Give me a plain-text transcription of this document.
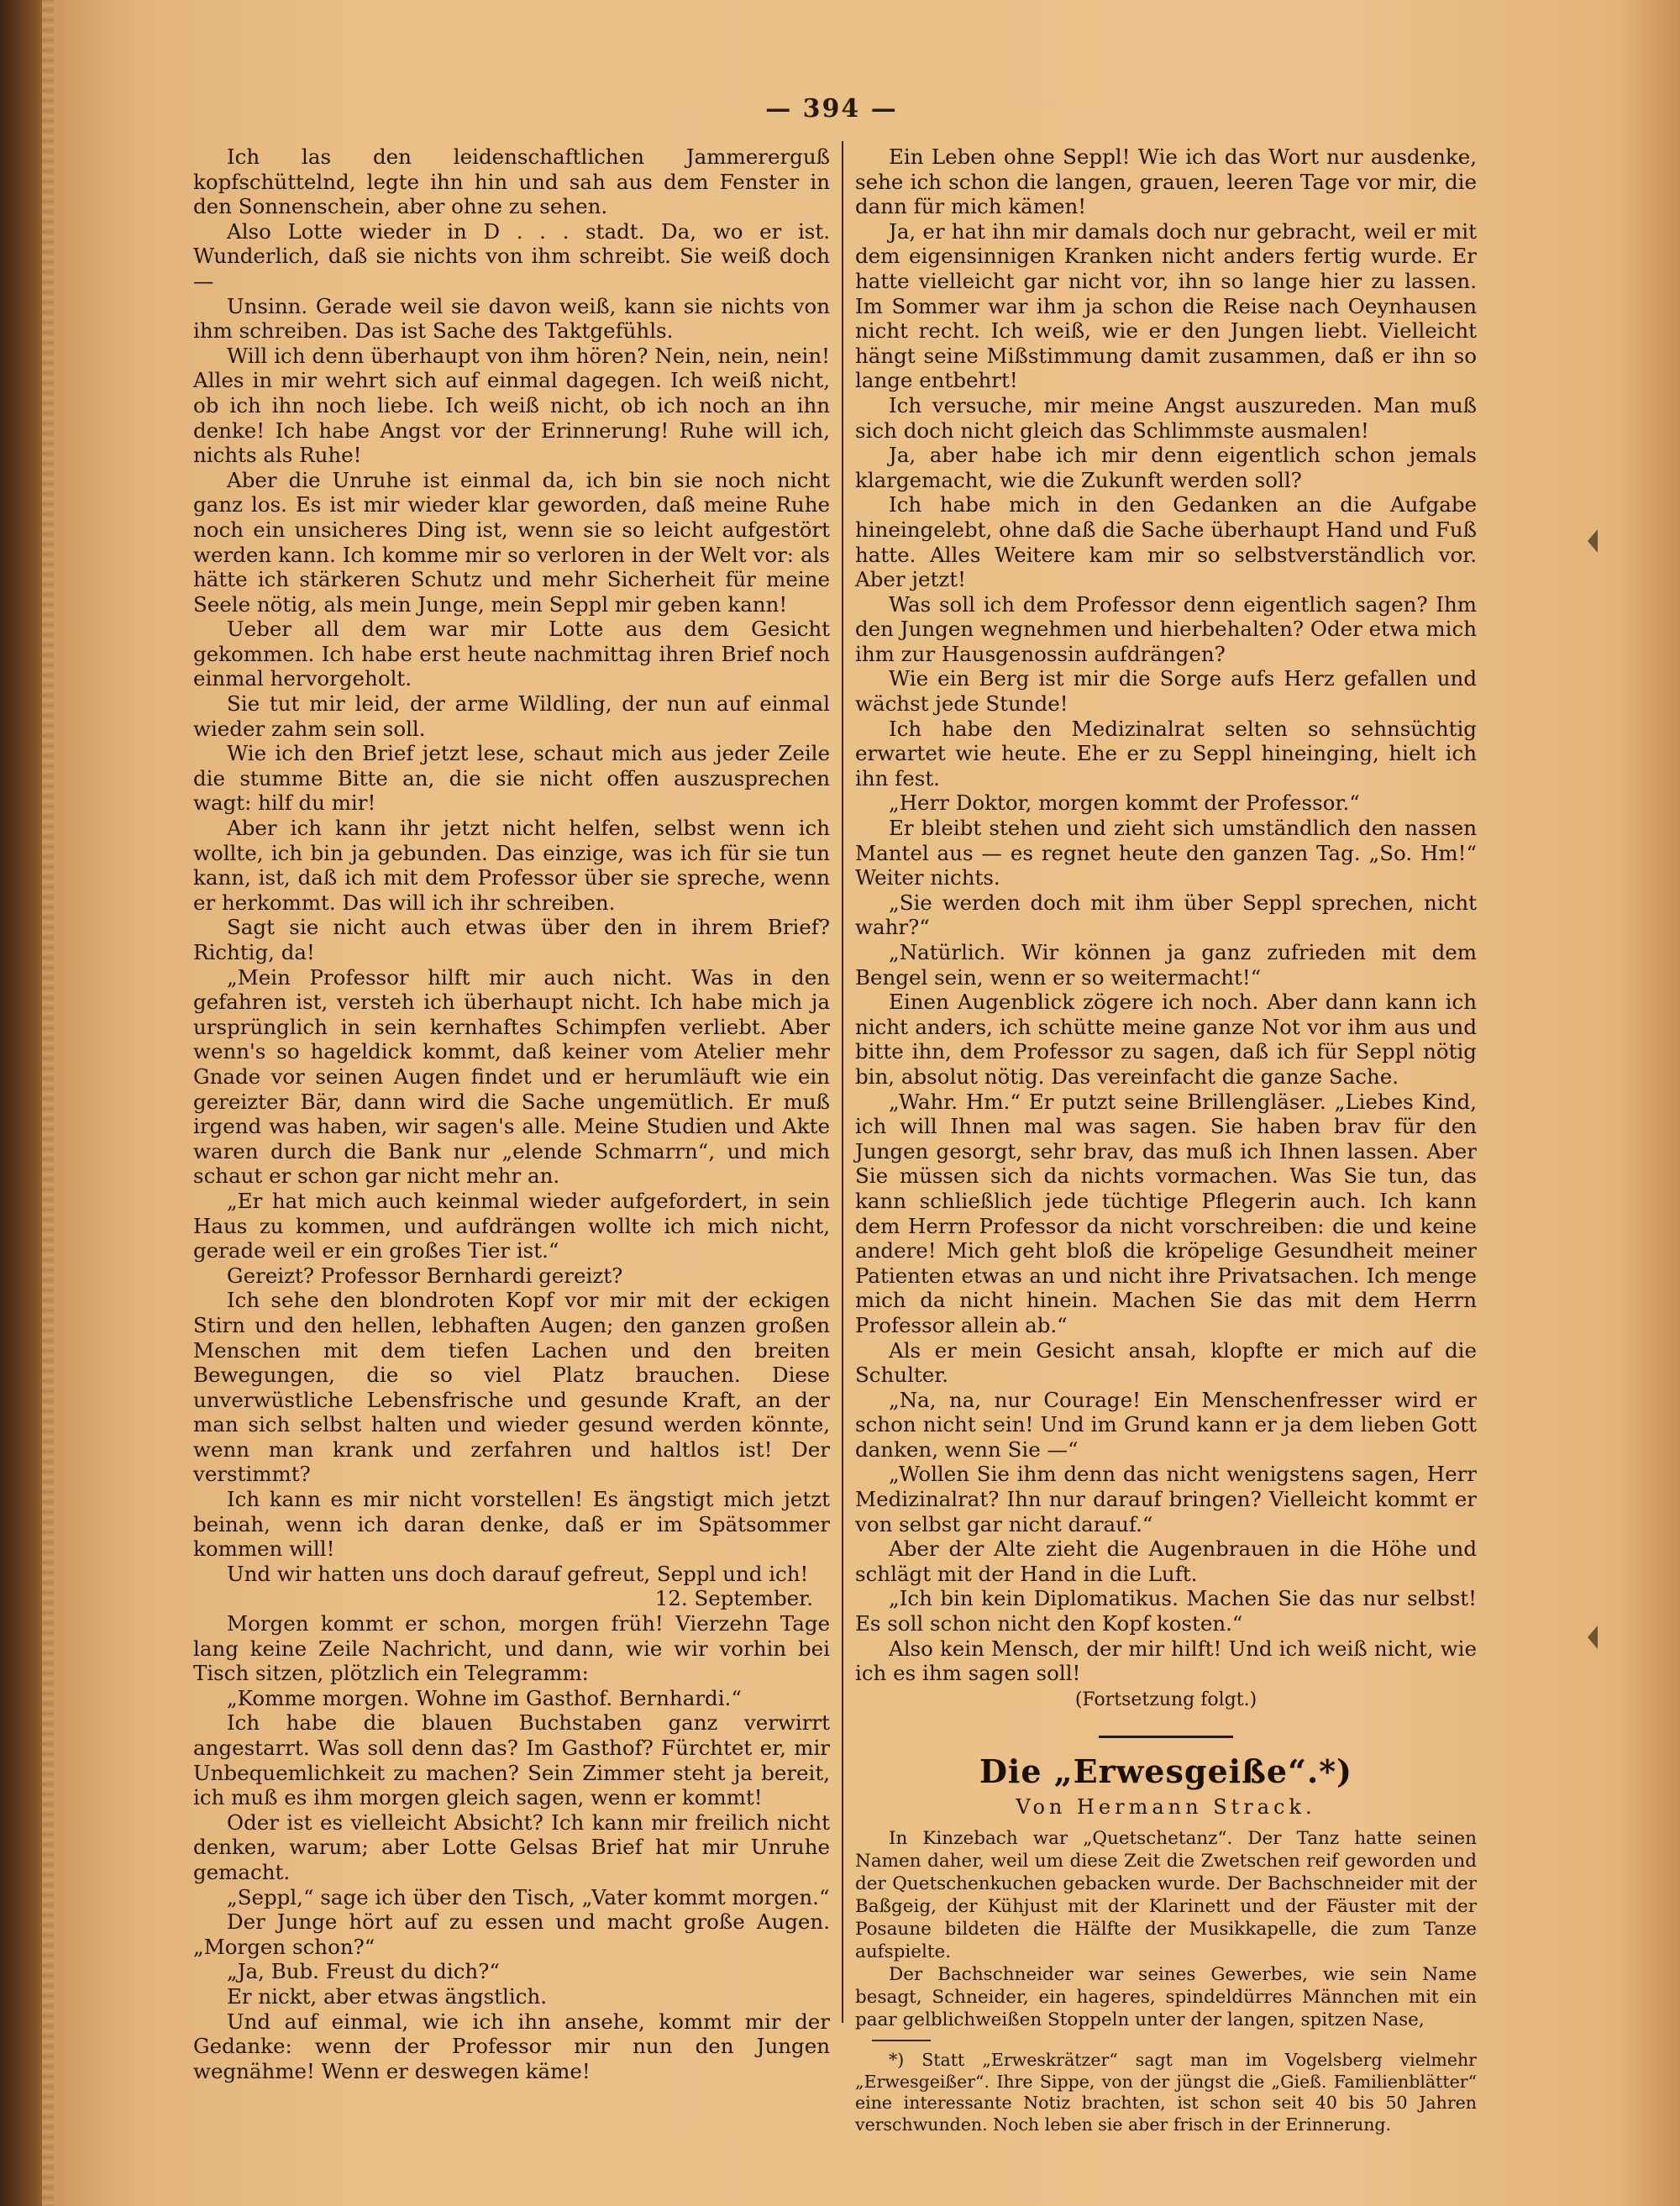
— 394 —

Ich las den leidenschaftlichen Jammererguß kopfschüttelnd, legte ihn hin und sah aus dem Fenster in den Sonnenschein, aber ohne zu sehen.

Also Lotte wieder in D . . . stadt. Da, wo er ist. Wunderlich, daß sie nichts von ihm schreibt. Sie weiß doch —

Unsinn. Gerade weil sie davon weiß, kann sie nichts von ihm schreiben. Das ist Sache des Taktgefühls.

Will ich denn überhaupt von ihm hören? Nein, nein, nein! Alles in mir wehrt sich auf einmal dagegen. Ich weiß nicht, ob ich ihn noch liebe. Ich weiß nicht, ob ich noch an ihn denke! Ich habe Angst vor der Erinnerung! Ruhe will ich, nichts als Ruhe!

Aber die Unruhe ist einmal da, ich bin sie noch nicht ganz los. Es ist mir wieder klar geworden, daß meine Ruhe noch ein unsicheres Ding ist, wenn sie so leicht aufgestört werden kann. Ich komme mir so verloren in der Welt vor: als hätte ich stärkeren Schutz und mehr Sicherheit für meine Seele nötig, als mein Junge, mein Seppl mir geben kann!

Ueber all dem war mir Lotte aus dem Gesicht gekommen. Ich habe erst heute nachmittag ihren Brief noch einmal hervorgeholt.

Sie tut mir leid, der arme Wildling, der nun auf einmal wieder zahm sein soll.

Wie ich den Brief jetzt lese, schaut mich aus jeder Zeile die stumme Bitte an, die sie nicht offen auszusprechen wagt: hilf du mir!

Aber ich kann ihr jetzt nicht helfen, selbst wenn ich wollte, ich bin ja gebunden. Das einzige, was ich für sie tun kann, ist, daß ich mit dem Professor über sie spreche, wenn er herkommt. Das will ich ihr schreiben.

Sagt sie nicht auch etwas über den in ihrem Brief? Richtig, da!

„Mein Professor hilft mir auch nicht. Was in den gefahren ist, versteh ich überhaupt nicht. Ich habe mich ja ursprünglich in sein kernhaftes Schimpfen verliebt. Aber wenn's so hageldick kommt, daß keiner vom Atelier mehr Gnade vor seinen Augen findet und er herumläuft wie ein gereizter Bär, dann wird die Sache ungemütlich. Er muß irgend was haben, wir sagen's alle. Meine Studien und Akte waren durch die Bank nur „elende Schmarrn“, und mich schaut er schon gar nicht mehr an.

„Er hat mich auch keinmal wieder aufgefordert, in sein Haus zu kommen, und aufdrängen wollte ich mich nicht, gerade weil er ein großes Tier ist.“

Gereizt? Professor Bernhardi gereizt?

Ich sehe den blondroten Kopf vor mir mit der eckigen Stirn und den hellen, lebhaften Augen; den ganzen großen Menschen mit dem tiefen Lachen und den breiten Bewegungen, die so viel Platz brauchen. Diese unverwüstliche Lebensfrische und gesunde Kraft, an der man sich selbst halten und wieder gesund werden könnte, wenn man krank und zerfahren und haltlos ist! Der verstimmt?

Ich kann es mir nicht vorstellen! Es ängstigt mich jetzt beinah, wenn ich daran denke, daß er im Spätsommer kommen will!

Und wir hatten uns doch darauf gefreut, Seppl und ich!

12. September.

Morgen kommt er schon, morgen früh! Vierzehn Tage lang keine Zeile Nachricht, und dann, wie wir vorhin bei Tisch sitzen, plötzlich ein Telegramm:

„Komme morgen. Wohne im Gasthof. Bernhardi.“

Ich habe die blauen Buchstaben ganz verwirrt angestarrt. Was soll denn das? Im Gasthof? Fürchtet er, mir Unbequemlichkeit zu machen? Sein Zimmer steht ja bereit, ich muß es ihm morgen gleich sagen, wenn er kommt!

Oder ist es vielleicht Absicht? Ich kann mir freilich nicht denken, warum; aber Lotte Gelsas Brief hat mir Unruhe gemacht.

„Seppl,“ sage ich über den Tisch, „Vater kommt morgen.“

Der Junge hört auf zu essen und macht große Augen. „Morgen schon?“

„Ja, Bub. Freust du dich?“

Er nickt, aber etwas ängstlich.

Und auf einmal, wie ich ihn ansehe, kommt mir der Gedanke: wenn der Professor mir nun den Jungen wegnähme! Wenn er deswegen käme!

Ein Leben ohne Seppl! Wie ich das Wort nur ausdenke, sehe ich schon die langen, grauen, leeren Tage vor mir, die dann für mich kämen!

Ja, er hat ihn mir damals doch nur gebracht, weil er mit dem eigensinnigen Kranken nicht anders fertig wurde. Er hatte vielleicht gar nicht vor, ihn so lange hier zu lassen. Im Sommer war ihm ja schon die Reise nach Oeynhausen nicht recht. Ich weiß, wie er den Jungen liebt. Vielleicht hängt seine Mißstimmung damit zusammen, daß er ihn so lange entbehrt!

Ich versuche, mir meine Angst auszureden. Man muß sich doch nicht gleich das Schlimmste ausmalen!

Ja, aber habe ich mir denn eigentlich schon jemals klargemacht, wie die Zukunft werden soll?

Ich habe mich in den Gedanken an die Aufgabe hineingelebt, ohne daß die Sache überhaupt Hand und Fuß hatte. Alles Weitere kam mir so selbstverständlich vor. Aber jetzt!

Was soll ich dem Professor denn eigentlich sagen? Ihm den Jungen wegnehmen und hierbehalten? Oder etwa mich ihm zur Hausgenossin aufdrängen?

Wie ein Berg ist mir die Sorge aufs Herz gefallen und wächst jede Stunde!

Ich habe den Medizinalrat selten so sehnsüchtig erwartet wie heute. Ehe er zu Seppl hineinging, hielt ich ihn fest.

„Herr Doktor, morgen kommt der Professor.“

Er bleibt stehen und zieht sich umständlich den nassen Mantel aus — es regnet heute den ganzen Tag. „So. Hm!“ Weiter nichts.

„Sie werden doch mit ihm über Seppl sprechen, nicht wahr?“

„Natürlich. Wir können ja ganz zufrieden mit dem Bengel sein, wenn er so weitermacht!“

Einen Augenblick zögere ich noch. Aber dann kann ich nicht anders, ich schütte meine ganze Not vor ihm aus und bitte ihn, dem Professor zu sagen, daß ich für Seppl nötig bin, absolut nötig. Das vereinfacht die ganze Sache.

„Wahr. Hm.“ Er putzt seine Brillengläser. „Liebes Kind, ich will Ihnen mal was sagen. Sie haben brav für den Jungen gesorgt, sehr brav, das muß ich Ihnen lassen. Aber Sie müssen sich da nichts vormachen. Was Sie tun, das kann schließlich jede tüchtige Pflegerin auch. Ich kann dem Herrn Professor da nicht vorschreiben: die und keine andere! Mich geht bloß die kröpelige Gesundheit meiner Patienten etwas an und nicht ihre Privatsachen. Ich menge mich da nicht hinein. Machen Sie das mit dem Herrn Professor allein ab.“

Als er mein Gesicht ansah, klopfte er mich auf die Schulter.

„Na, na, nur Courage! Ein Menschenfresser wird er schon nicht sein! Und im Grund kann er ja dem lieben Gott danken, wenn Sie —“

„Wollen Sie ihm denn das nicht wenigstens sagen, Herr Medizinalrat? Ihn nur darauf bringen? Vielleicht kommt er von selbst gar nicht darauf.“

Aber der Alte zieht die Augenbrauen in die Höhe und schlägt mit der Hand in die Luft.

„Ich bin kein Diplomatikus. Machen Sie das nur selbst! Es soll schon nicht den Kopf kosten.“

Also kein Mensch, der mir hilft! Und ich weiß nicht, wie ich es ihm sagen soll!

(Fortsetzung folgt.)

Die „Erwesgeiße“.*)
Von Hermann Strack.

In Kinzebach war „Quetschetanz“. Der Tanz hatte seinen Namen daher, weil um diese Zeit die Zwetschen reif geworden und der Quetschenkuchen gebacken wurde. Der Bachschneider mit der Baßgeig, der Kühjust mit der Klarinett und der Fäuster mit der Posaune bildeten die Hälfte der Musikkapelle, die zum Tanze aufspielte.

Der Bachschneider war seines Gewerbes, wie sein Name besagt, Schneider, ein hageres, spindeldürres Männchen mit ein paar gelblichweißen Stoppeln unter der langen, spitzen Nase,

*) Statt „Erweskrätzer“ sagt man im Vogelsberg vielmehr „Erwesgeißer“. Ihre Sippe, von der jüngst die „Gieß. Familienblätter“ eine interessante Notiz brachten, ist schon seit 40 bis 50 Jahren verschwunden. Noch leben sie aber frisch in der Erinnerung.
